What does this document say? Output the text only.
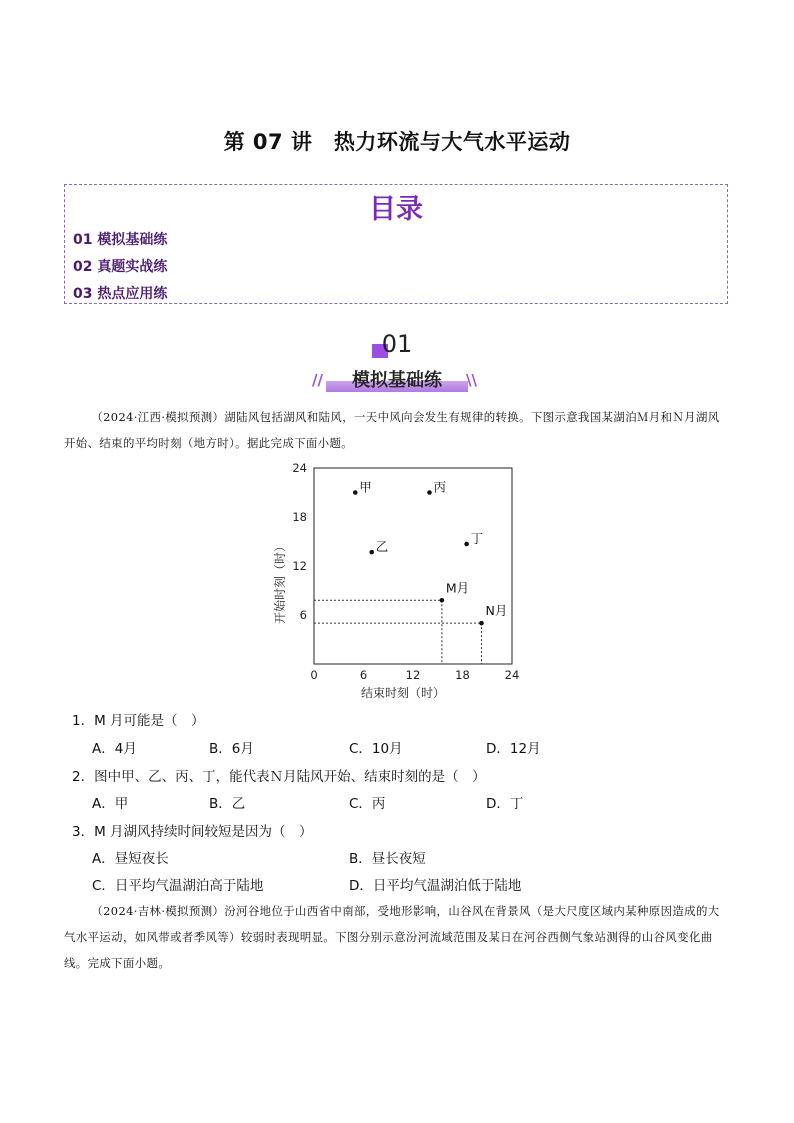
第 07 讲　热力环流与大气水平运动
目录
01 模拟基础练
02 真题实战练
03 热点应用练
01
//	\\
模拟基础练
（2024·江西·模拟预测）湖陆风包括湖风和陆风，一天中风向会发生有规律的转换。下图示意我国某湖泊Ｍ月和Ｎ月湖风开始、结束的平均时刻（地方时）。据此完成下面小题。
0	6	12	18	24
6
12
18
24
结束时刻（时）
开始时刻（时）
甲	丙
乙
丁
M月
N月
1．M 月可能是（　）
A．4月	B．6月	C．10月	D．12月
2．图中甲、乙、丙、丁，能代表Ｎ月陆风开始、结束时刻的是（　）
A．甲	B．乙	C．丙	D．丁
3．M 月湖风持续时间较短是因为（　）
A．昼短夜长	B．昼长夜短
C．日平均气温湖泊高于陆地	D．日平均气温湖泊低于陆地
（2024·吉林·模拟预测）汾河谷地位于山西省中南部，受地形影响，山谷风在背景风（是大尺度区域内某种原因造成的大气水平运动，如风带或者季风等）较弱时表现明显。下图分别示意汾河流域范围及某日在河谷西侧气象站测得的山谷风变化曲线。完成下面小题。
